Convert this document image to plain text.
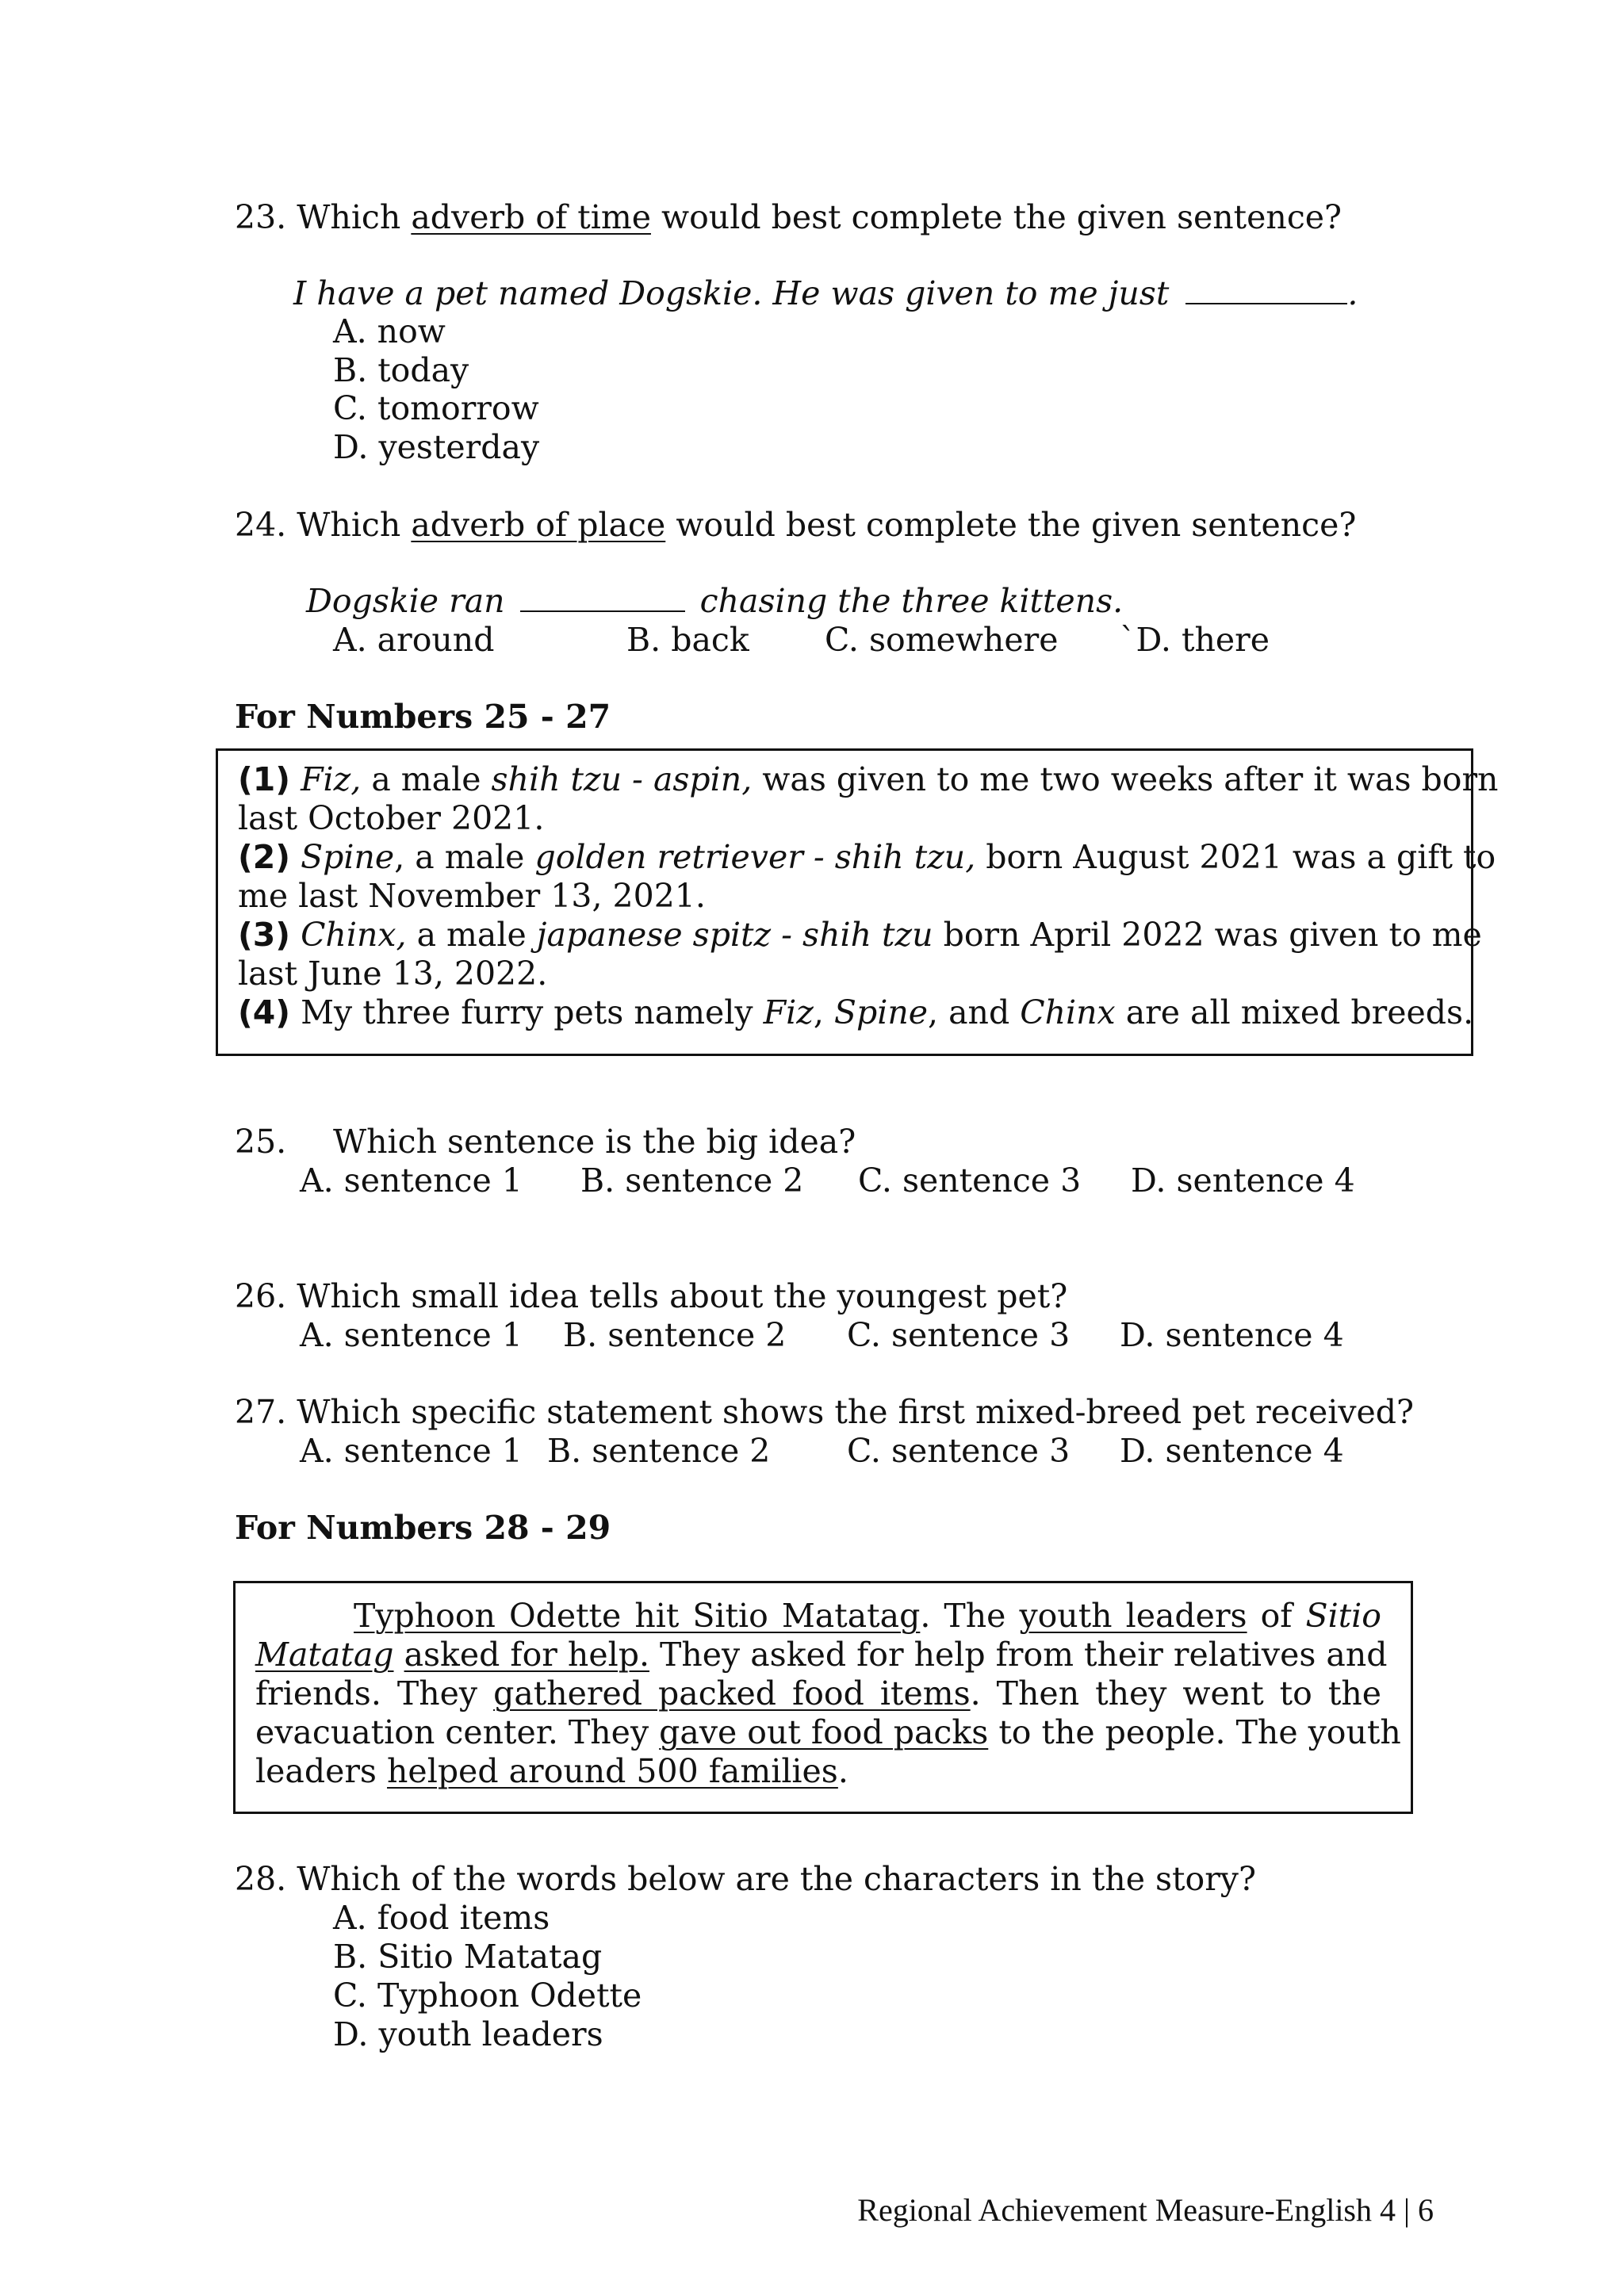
23. Which adverb of time would best complete the given sentence?
I have a pet named Dogskie. He was given to me just	.
A. now
B. today
C. tomorrow
D. yesterday
24. Which adverb of place would best complete the given sentence?
Dogskie ran	chasing the three kittens.
A. around	B. back C. somewhere `D. there
For Numbers 25 - 27
(1) Fiz, a male shih tzu - aspin, was given to me two weeks after it was born
last October 2021.
(2) Spine, a male golden retriever - shih tzu, born August 2021 was a gift to
me last November 13, 2021.
(3) Chinx, a male japanese spitz - shih tzu born April 2022 was given to me
last June 13, 2022.
(4) My three furry pets namely Fiz, Spine, and Chinx are all mixed breeds.
25. Which sentence is the big idea?
A. sentence 1 B. sentence 2 C. sentence 3 D. sentence 4
26. Which small idea tells about the youngest pet?
A. sentence 1 B. sentence 2 C. sentence 3 D. sentence 4
27. Which specific statement shows the first mixed-breed pet received?
A. sentence 1 B. sentence 2 C. sentence 3 D. sentence 4
For Numbers 28 - 29
Typhoon Odette hit Sitio Matatag. The youth leaders of Sitio
Matatag asked for help. They asked for help from their relatives and
friends. They gathered packed food items. Then they went to the
evacuation center. They gave out food packs to the people. The youth
leaders helped around 500 families.
28. Which of the words below are the characters in the story?
A. food items
B. Sitio Matatag
C. Typhoon Odette
D. youth leaders
Regional Achievement Measure-English 4 | 6
